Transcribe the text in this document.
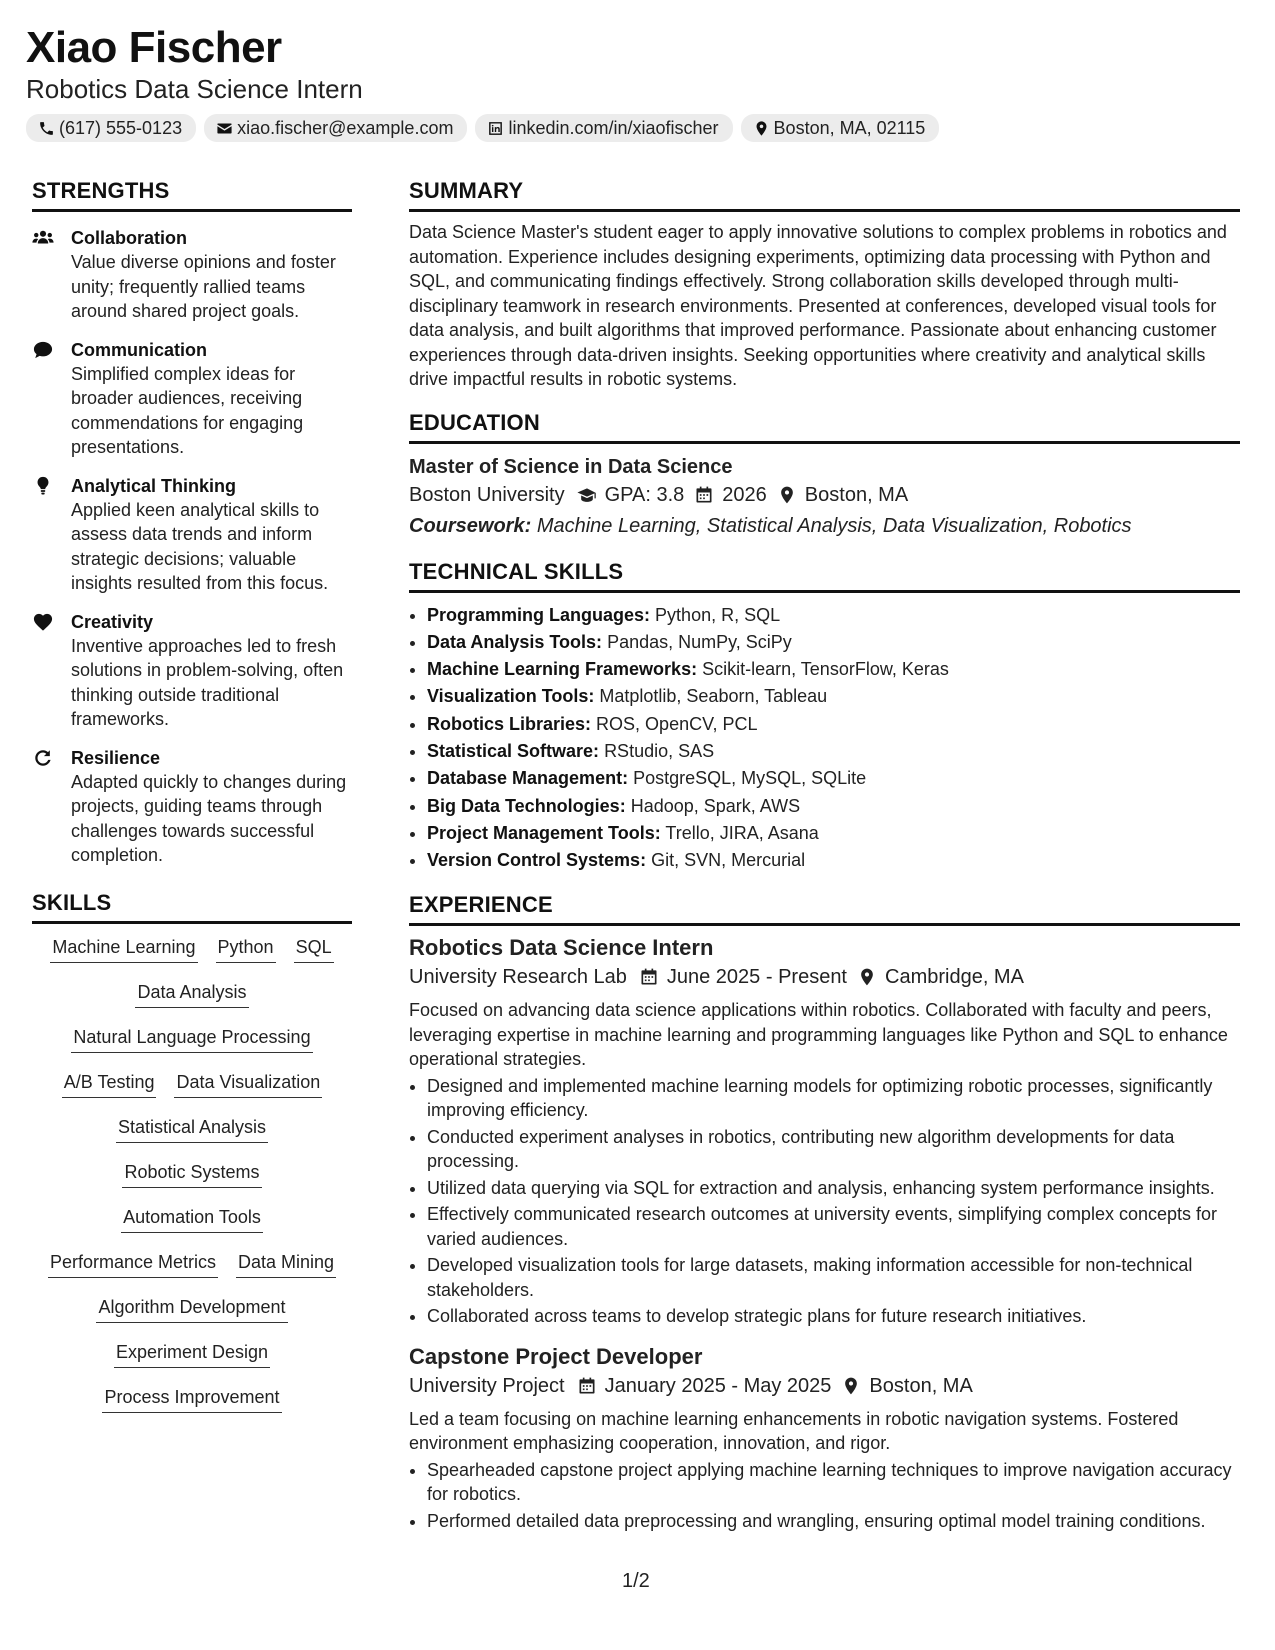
Xiao Fischer
Robotics Data Science Intern
(617) 555-0123	xiao.fischer@example.com	linkedin.com/in/xiaofischer	Boston, MA, 02115
STRENGTHS
Collaboration
Value diverse opinions and foster unity; frequently rallied teams around shared project goals.
Communication
Simplified complex ideas for broader audiences, receiving commendations for engaging presentations.
Analytical Thinking
Applied keen analytical skills to assess data trends and inform strategic decisions; valuable insights resulted from this focus.
Creativity
Inventive approaches led to fresh solutions in problem-solving, often thinking outside traditional frameworks.
Resilience
Adapted quickly to changes during projects, guiding teams through challenges towards successful completion.
SKILLS
Machine Learning Python SQL
Data Analysis
Natural Language Processing
A/B Testing Data Visualization
Statistical Analysis
Robotic Systems
Automation Tools
Performance Metrics Data Mining
Algorithm Development
Experiment Design
Process Improvement
SUMMARY
Data Science Master's student eager to apply innovative solutions to complex problems in robotics and automation. Experience includes designing experiments, optimizing data processing with Python and SQL, and communicating findings effectively. Strong collaboration skills developed through multi-disciplinary teamwork in research environments. Presented at conferences, developed visual tools for data analysis, and built algorithms that improved performance. Passionate about enhancing customer experiences through data-driven insights. Seeking opportunities where creativity and analytical skills drive impactful results in robotic systems.
EDUCATION
Master of Science in Data Science
Boston University GPA: 3.8 2026 Boston, MA
Coursework: Machine Learning, Statistical Analysis, Data Visualization, Robotics
TECHNICAL SKILLS
• Programming Languages: Python, R, SQL
• Data Analysis Tools: Pandas, NumPy, SciPy
• Machine Learning Frameworks: Scikit-learn, TensorFlow, Keras
• Visualization Tools: Matplotlib, Seaborn, Tableau
• Robotics Libraries: ROS, OpenCV, PCL
• Statistical Software: RStudio, SAS
• Database Management: PostgreSQL, MySQL, SQLite
• Big Data Technologies: Hadoop, Spark, AWS
• Project Management Tools: Trello, JIRA, Asana
• Version Control Systems: Git, SVN, Mercurial
EXPERIENCE
Robotics Data Science Intern
University Research Lab June 2025 - Present Cambridge, MA
Focused on advancing data science applications within robotics. Collaborated with faculty and peers, leveraging expertise in machine learning and programming languages like Python and SQL to enhance operational strategies.
• Designed and implemented machine learning models for optimizing robotic processes, significantly improving efficiency.
• Conducted experiment analyses in robotics, contributing new algorithm developments for data processing.
• Utilized data querying via SQL for extraction and analysis, enhancing system performance insights.
• Effectively communicated research outcomes at university events, simplifying complex concepts for varied audiences.
• Developed visualization tools for large datasets, making information accessible for non-technical stakeholders.
• Collaborated across teams to develop strategic plans for future research initiatives.
Capstone Project Developer
University Project January 2025 - May 2025 Boston, MA
Led a team focusing on machine learning enhancements in robotic navigation systems. Fostered environment emphasizing cooperation, innovation, and rigor.
• Spearheaded capstone project applying machine learning techniques to improve navigation accuracy for robotics.
• Performed detailed data preprocessing and wrangling, ensuring optimal model training conditions.
1/2
